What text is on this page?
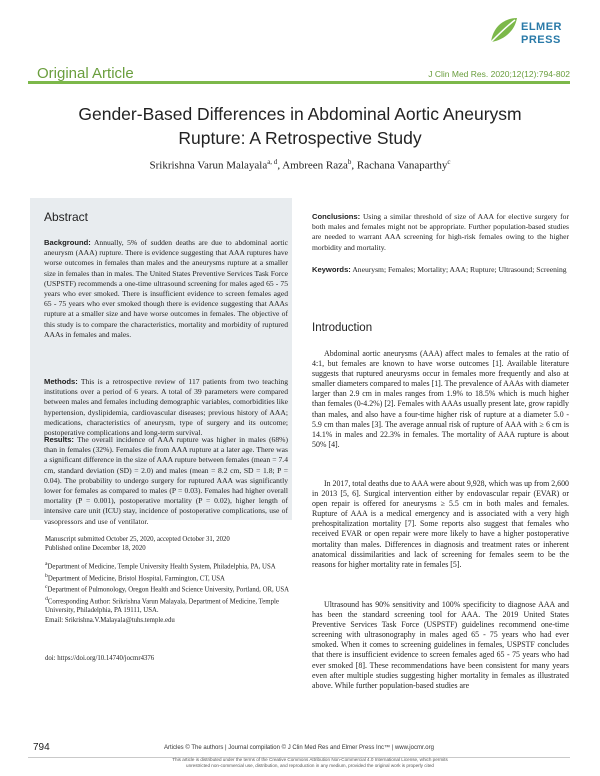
ELMER
PRESS
Original Article	J Clin Med Res. 2020;12(12):794-802
Gender-Based Differences in Abdominal Aortic Aneurysm
Rupture: A Retrospective Study
Srikrishna Varun Malayala$^{a, d}$, Ambreen Raza$^b$, Rachana Vanaparthy$^c$
Abstract
Background: Annually, 5% of sudden deaths are due to abdominal aortic aneurysm (AAA) rupture. There is evidence suggesting that AAA ruptures have worse outcomes in females than males and the aneurysms rupture at a smaller size in females than in males. The United States Preventive Services Task Force (USPSTF) recommends a one-time ultrasound screening for males aged 65 - 75 years who ever smoked. There is insufficient evidence to screen females aged 65 - 75 years who ever smoked though there is evidence suggesting that AAAs rupture at a smaller size and have worse outcomes in females. The objective of this study is to compare the characteristics, mortality and morbidity of ruptured AAAs in females and males.
Methods: This is a retrospective review of 117 patients from two teaching institutions over a period of 6 years. A total of 39 parameters were compared between males and females including demographic variables, comorbidities like hypertension, dyslipidemia, cardiovascular diseases; previous history of AAA; medications, characteristics of aneurysm, type of surgery and its outcome; postoperative complications and long-term survival.
Results: The overall incidence of AAA rupture was higher in males (68%) than in females (32%). Females die from AAA rupture at a later age. There was a significant difference in the size of AAA rupture between females (mean = 7.4 cm, standard deviation (SD) = 2.0) and males (mean = 8.2 cm, SD = 1.8; P = 0.04). The probability to undergo surgery for ruptured AAA was significantly lower for females as compared to males (P = 0.03). Females had higher overall mortality (P = 0.001), postoperative mortality (P = 0.02), higher length of intensive care unit (ICU) stay, incidence of postoperative complications, use of vasopressors and use of ventilator.
Conclusions: Using a similar threshold of size of AAA for elective surgery for both males and females might not be appropriate. Further population-based studies are needed to warrant AAA screening for high-risk females owing to the higher morbidity and mortality.
Keywords: Aneurysm; Females; Mortality; AAA; Rupture; Ultrasound; Screening
Manuscript submitted October 25, 2020, accepted October 31, 2020
Published online December 18, 2020
$^a$Department of Medicine, Temple University Health System, Philadelphia, PA, USA
$^b$Department of Medicine, Bristol Hospital, Farmington, CT, USA
$^c$Department of Pulmonology, Oregon Health and Science University, Portland, OR, USA
$^d$Corresponding Author: Srikrishna Varun Malayala, Department of Medicine, Temple University, Philadelphia, PA 19111, USA.
Email: Srikrishna.V.Malayala@tuhs.temple.edu
doi: https://doi.org/10.14740/jocmr4376
Introduction
Abdominal aortic aneurysms (AAA) affect males to females at the ratio of 4:1, but females are known to have worse outcomes [1]. Available literature suggests that ruptured aneurysms occur in females more frequently and also at smaller diameters compared to males [1]. The prevalence of AAAs with diameter larger than 2.9 cm in males ranges from 1.9% to 18.5% which is much higher than females (0-4.2%) [2]. Females with AAAs usually present late, grow rapidly than males, and also have a four-time higher risk of rupture at a diameter 5.0 - 5.9 cm than males [3]. The average annual risk of rupture of AAA with ≥ 6 cm is 14.1% in males and 22.3% in females. The mortality of AAA rupture is about 50% [4].
In 2017, total deaths due to AAA were about 9,928, which was up from 2,600 in 2013 [5, 6]. Surgical intervention either by endovascular repair (EVAR) or open repair is offered for aneurysms ≥ 5.5 cm in both males and females. Rupture of AAA is a medical emergency and is associated with a very high prehospitalization mortality [7]. Some reports also suggest that females who received EVAR or open repair were more likely to have a higher postoperative mortality than males. Differences in diagnosis and treatment rates or inherent anatomical dissimilarities and lack of screening for females seem to be the reasons for higher mortality rate in females [5].
Ultrasound has 90% sensitivity and 100% specificity to diagnose AAA and has been the standard screening tool for AAA. The 2019 United States Preventive Services Task Force (USPSTF) guidelines recommend one-time screening with ultrasonography in males aged 65 - 75 years who had ever smoked. When it comes to screening guidelines in females, USPSTF concludes that there is insufficient evidence to screen females aged 65 - 75 years who had ever smoked [8]. These recommendations have been consistent for many years even after multiple studies suggesting higher mortality in females as illustrated above. While further population-based studies are
794	Articles © The authors | Journal compilation © J Clin Med Res and Elmer Press Inc™ | www.jocmr.org
This article is distributed under the terms of the Creative Commons Attribution Non-Commercial 4.0 International License, which permits
unrestricted non-commercial use, distribution, and reproduction in any medium, provided the original work is properly cited
